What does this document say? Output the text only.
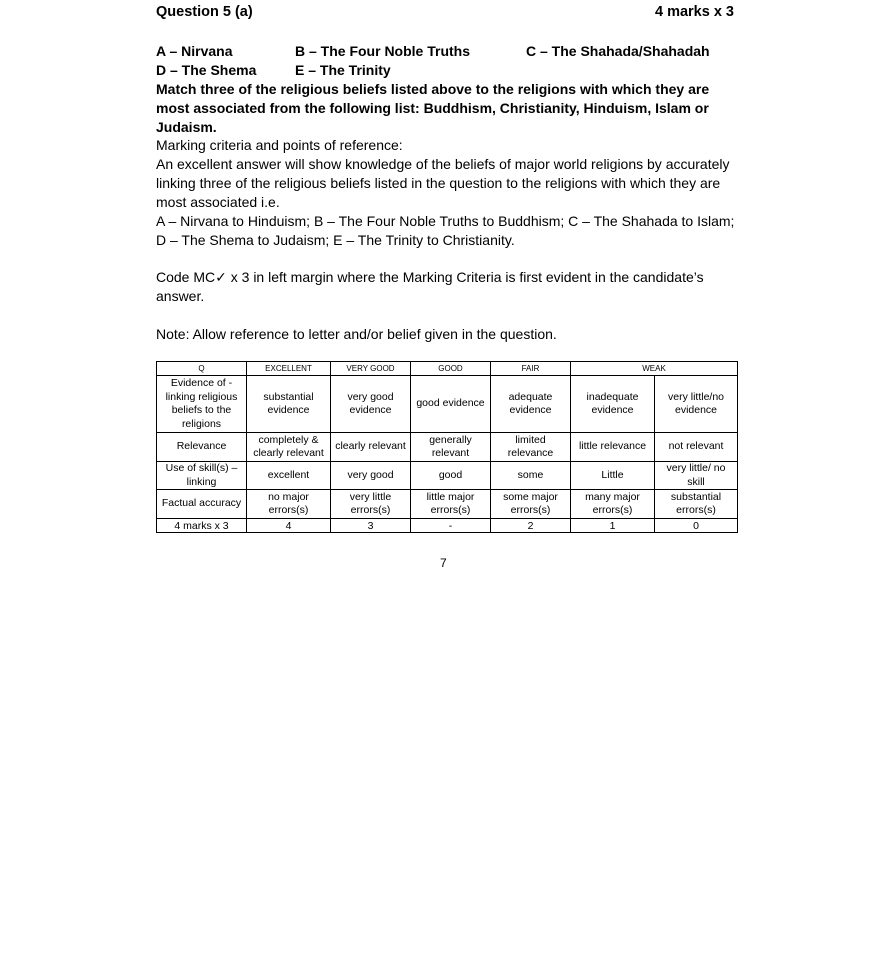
Question 5 (a)	4 marks x 3
A – Nirvana	B – The Four Noble Truths	C – The Shahada/Shahadah
D – The Shema	E – The Trinity
Match three of the religious beliefs listed above to the religions with which they are most associated from the following list: Buddhism, Christianity, Hinduism, Islam or Judaism.

Marking criteria and points of reference:

An excellent answer will show knowledge of the beliefs of major world religions by accurately linking three of the religious beliefs listed in the question to the religions with which they are most associated i.e.

A – Nirvana to Hinduism; B – The Four Noble Truths to Buddhism; C – The Shahada to Islam;

D – The Shema to Judaism; E – The Trinity to Christianity.

Code MC✓ x 3 in left margin where the Marking Criteria is first evident in the candidate’s answer.
Note: Allow reference to letter and/or belief given in the question.
Q	EXCELLENT	VERY GOOD	GOOD	FAIR	WEAK	
Evidence of - linking religious beliefs to the religions	substantial evidence	very good evidence	good evidence	adequate evidence	inadequate evidence	very little/no evidence
Relevance	completely & clearly relevant	clearly relevant	generally relevant	limited relevance	little relevance	not relevant
Use of skill(s) – linking	excellent	very good	good	some	Little	very little/ no skill
Factual accuracy	no major errors(s)	very little errors(s)	little major errors(s)	some major errors(s)	many major errors(s)	substantial errors(s)
4 marks x 3	4	3	-	2	1	0
7
